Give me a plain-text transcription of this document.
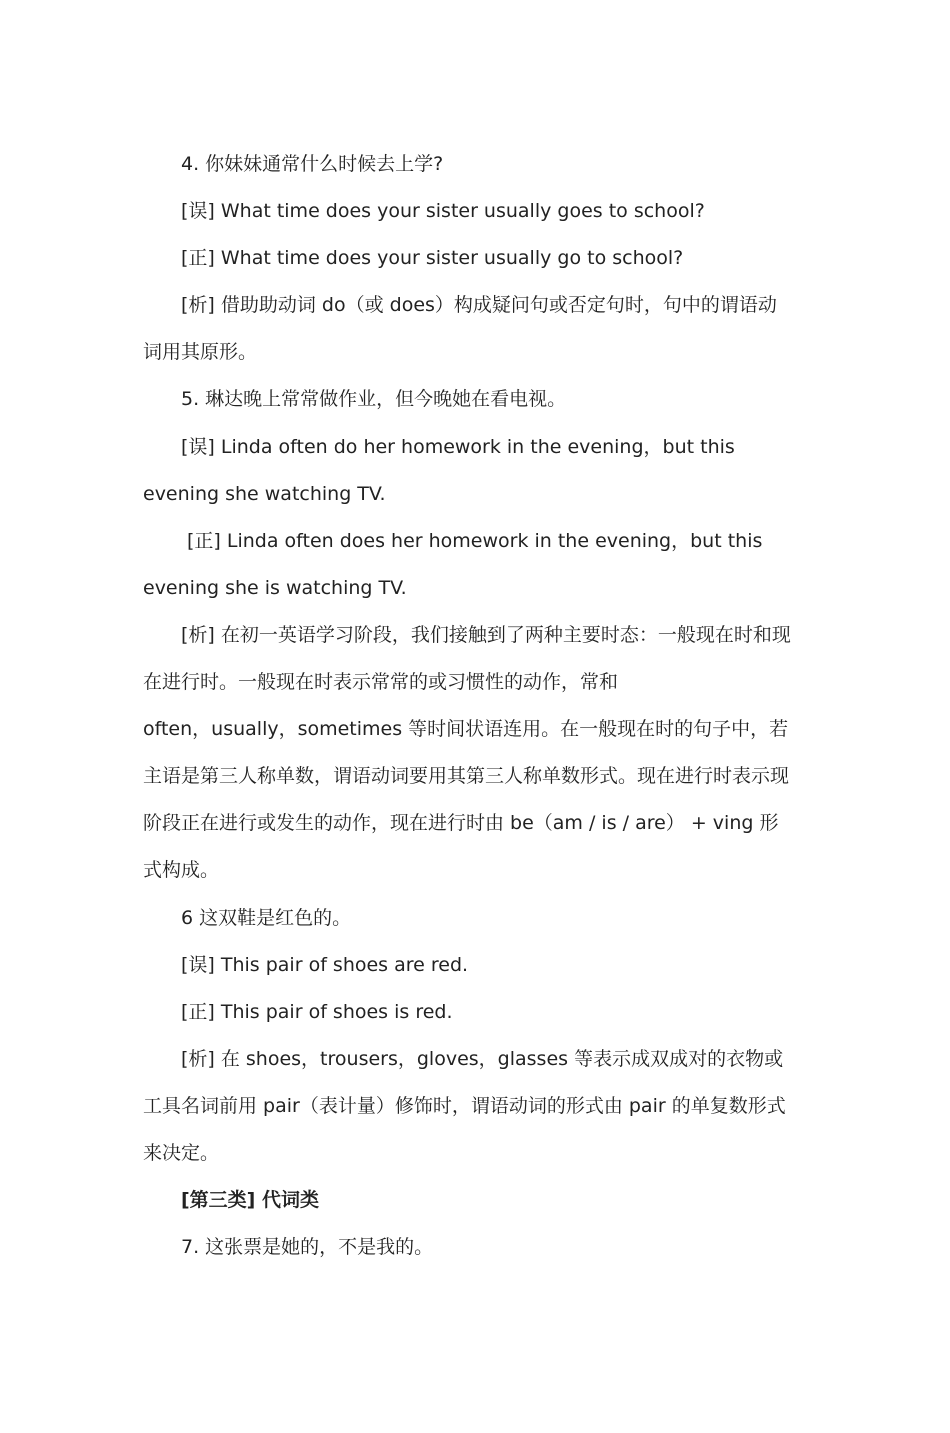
4. 你妹妹通常什么时候去上学?

[误] What time does your sister usually goes to school?

[正] What time does your sister usually go to school?

[析] 借助助动词 do（或 does）构成疑问句或否定句时，句中的谓语动词用其原形。

5. 琳达晚上常常做作业，但今晚她在看电视。

[误] Linda often do her homework in the evening，but this evening she watching TV.

[正] Linda often does her homework in the evening，but this evening she is watching TV.

[析] 在初一英语学习阶段，我们接触到了两种主要时态：一般现在时和现在进行时。一般现在时表示常常的或习惯性的动作，常和

often，usually，sometimes 等时间状语连用。在一般现在时的句子中，若主语是第三人称单数，谓语动词要用其第三人称单数形式。现在进行时表示现阶段正在进行或发生的动作，现在进行时由 be（am / is / are） + ving 形式构成。

6 这双鞋是红色的。

[误] This pair of shoes are red.

[正] This pair of shoes is red.

[析] 在 shoes，trousers，gloves，glasses 等表示成双成对的衣物或工具名词前用 pair（表计量）修饰时，谓语动词的形式由 pair 的单复数形式来决定。

[第三类] 代词类

7. 这张票是她的，不是我的。
